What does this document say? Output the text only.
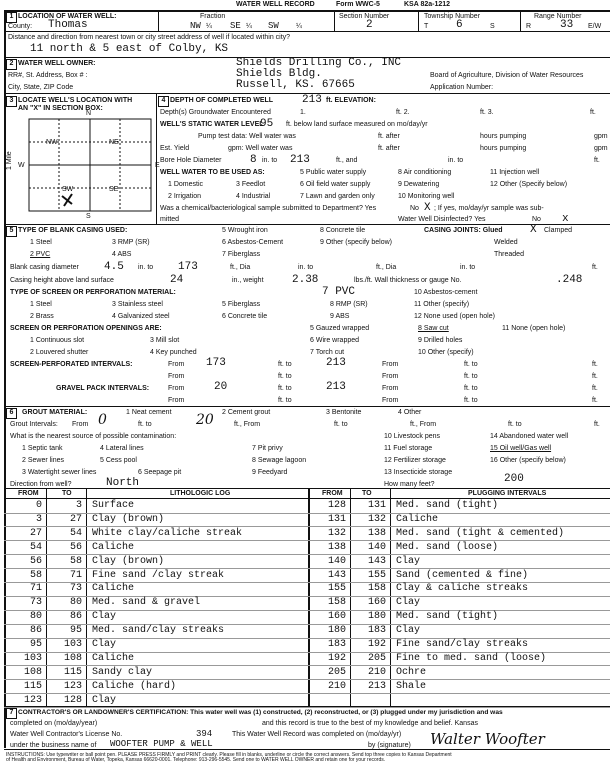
WATER WELL RECORD	Form WWC-5	KSA 82a-1212
1 LOCATION OF WATER WELL:	Fraction	Section Number	Township Number	Range Number
County: Thomas	NW ¼ SE ¼ SW ¼	2	T	6	S	R	33 E/W
Distance and direction from nearest town or city street address of well if located within city?
11 north & 5 east of Colby, KS
2 WATER WELL OWNER:
RR#, St. Address, Box # :
City, State, ZIP Code
Shields Drilling Co., INC
Shields Bldg.
Russell, KS. 67665
Board of Agriculture, Division of Water Resources
Application Number:
3 LOCATE WELL'S LOCATION WITH
AN "X" IN SECTION BOX:
N
S
W	E
NW	NE
SW	SE
1 Mile
4 DEPTH OF COMPLETED WELL	213 ft. ELEVATION:
Depth(s) Groundwater Encountered	1.	ft. 2.	ft. 3.	ft.
WELL'S STATIC WATER LEVEL
95 ft. below land surface measured on mo/day/yr
Pump test data: Well water was	ft. after	hours pumping	gpm
Est. Yield	gpm: Well water was	ft. after	hours pumping	gpm
Bore Hole Diameter	8 in. to 213	ft., and	in. to	ft.
WELL WATER TO BE USED AS:	5 Public water supply	8 Air conditioning	11 Injection well
1 Domestic	3 Feedlot	6 Oil field water supply	9 Dewatering	12 Other (Specify below)
2 Irrigation	4 Industrial	7 Lawn and garden only	10 Monitoring well
Was a chemical/bacteriological sample submitted to Department? Yes	No X ; If yes, mo/day/yr sample was sub-
mitted	Water Well Disinfected? Yes	No x
5 TYPE OF BLANK CASING USED:	5 Wrought iron	8 Concrete tile	CASING JOINTS: Glued X Clamped
1 Steel	3 RMP (SR)	6 Asbestos-Cement	9 Other (specify below)	Welded
2 PVC	4 ABS	7 Fiberglass	Threaded
Blank casing diameter 4.5 in. to 173	ft., Dia	in. to	ft., Dia	in. to	ft.
Casing height above land surface	24	in., weight	2.38	lbs./ft. Wall thickness or gauge No.	.248
TYPE OF SCREEN OR PERFORATION MATERIAL:	7 PVC	10 Asbestos-cement
1 Steel	3 Stainless steel	5 Fiberglass	8 RMP (SR)	11 Other (specify)
2 Brass	4 Galvanized steel	6 Concrete tile	9 ABS	12 None used (open hole)
SCREEN OR PERFORATION OPENINGS ARE:	5 Gauzed wrapped	8 Saw cut	11 None (open hole)
1 Continuous slot	3 Mill slot	6 Wire wrapped	9 Drilled holes
2 Louvered shutter	4 Key punched	7 Torch cut	10 Other (specify)
SCREEN-PERFORATED INTERVALS:	From 173	ft. to	213	From	ft. to	ft.
From	ft. to	From	ft. to	ft.
GRAVEL PACK INTERVALS:	From	20	ft. to	213	From	ft. to	ft.
From	ft. to	From	ft. to	ft.
6	GROUT MATERIAL:	1 Neat cement	2 Cement grout	3 Bentonite	4 Other
Grout Intervals: From 0	ft. to	20	ft., From	ft. to	ft., From	ft. to	ft.
What is the nearest source of possible contamination:	10 Livestock pens	14 Abandoned water well
1 Septic tank	4 Lateral lines	7 Pit privy	11 Fuel storage	15 Oil well/Gas well
2 Sewer lines	5 Cess pool	8 Sewage lagoon	12 Fertilizer storage	16 Other (specify below)
3 Watertight sewer lines	6 Seepage pit	9 Feedyard	13 Insecticide storage
Direction from well?	North	How many feet?	200
FROM	TO	LITHOLOGIC LOG	FROM	TO	PLUGGING INTERVALS
0	3 Surface
3	27 Clay (brown)
27	54 White clay/caliche streak
54	56 Caliche
56	58 Clay (brown)
58	71 Fine sand /clay streak
71	73 Caliche
73	80 Med. sand & gravel
80	86 Clay
86	95 Med. sand/clay streaks
95	103 Clay
103	108 Caliche
108	115 Sandy clay
115	123 Caliche (hard)
123	128 Clay
128	131 Med. sand (tight)
131	132 Caliche
132	138 Med. sand (tight & cemented)
138	140 Med. sand (loose)
140	143 Clay
143	155 Sand (cemented & fine)
155	158 Clay & caliche streaks
158	160 Clay
160	180 Med. sand (tight)
180	183 Clay
183	192 Fine sand/clay streaks
192	205 Fine to med. sand (loose)
205	210 Ochre
210	213 Shale
7 CONTRACTOR'S OR LANDOWNER'S CERTIFICATION: This water well was (1) constructed, (2) reconstructed, or (3) plugged under my jurisdiction and was
completed on (mo/day/year)	and this record is true to the best of my knowledge and belief. Kansas
Water Well Contractor's License No.	394	This Water Well Record was completed on (mo/day/yr)
under the business name of WOOFTER PUMP & WELL	by (signature) Walter Woofter
INSTRUCTIONS: Use typewriter or ball point pen. PLEASE PRESS FIRMLY and PRINT clearly. Please fill in blanks, underline or circle the correct answers. Send top three copies to Kansas Department
of Health and Environment, Bureau of Water, Topeka, Kansas 66620-0001. Telephone: 913-296-5545. Send one to WATER WELL OWNER and retain one for your records.
